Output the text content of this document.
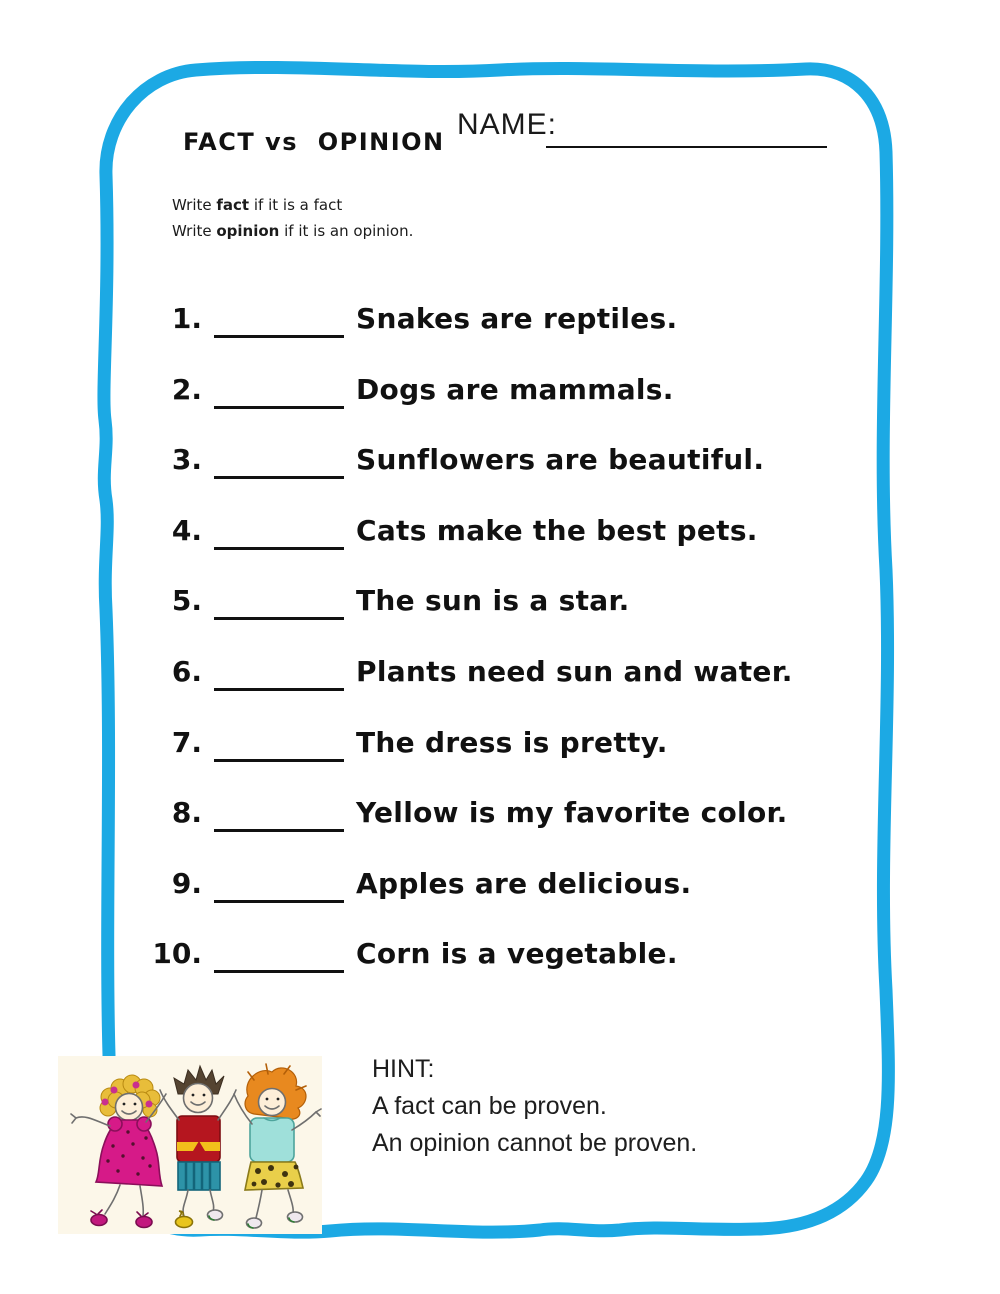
FACT vs  OPINION
NAME:
Write fact if it is a fact
Write opinion if it is an opinion.
1.	Snakes are reptiles.
2.	Dogs are mammals.
3.	Sunflowers are beautiful.
4.	Cats make the best pets.
5.	The sun is a star.
6.	Plants need sun and water.
7.	The dress is pretty.
8.	Yellow is my favorite color.
9.	Apples are delicious.
10.	Corn is a vegetable.
HINT:
A fact can be proven.
An opinion cannot be proven.
